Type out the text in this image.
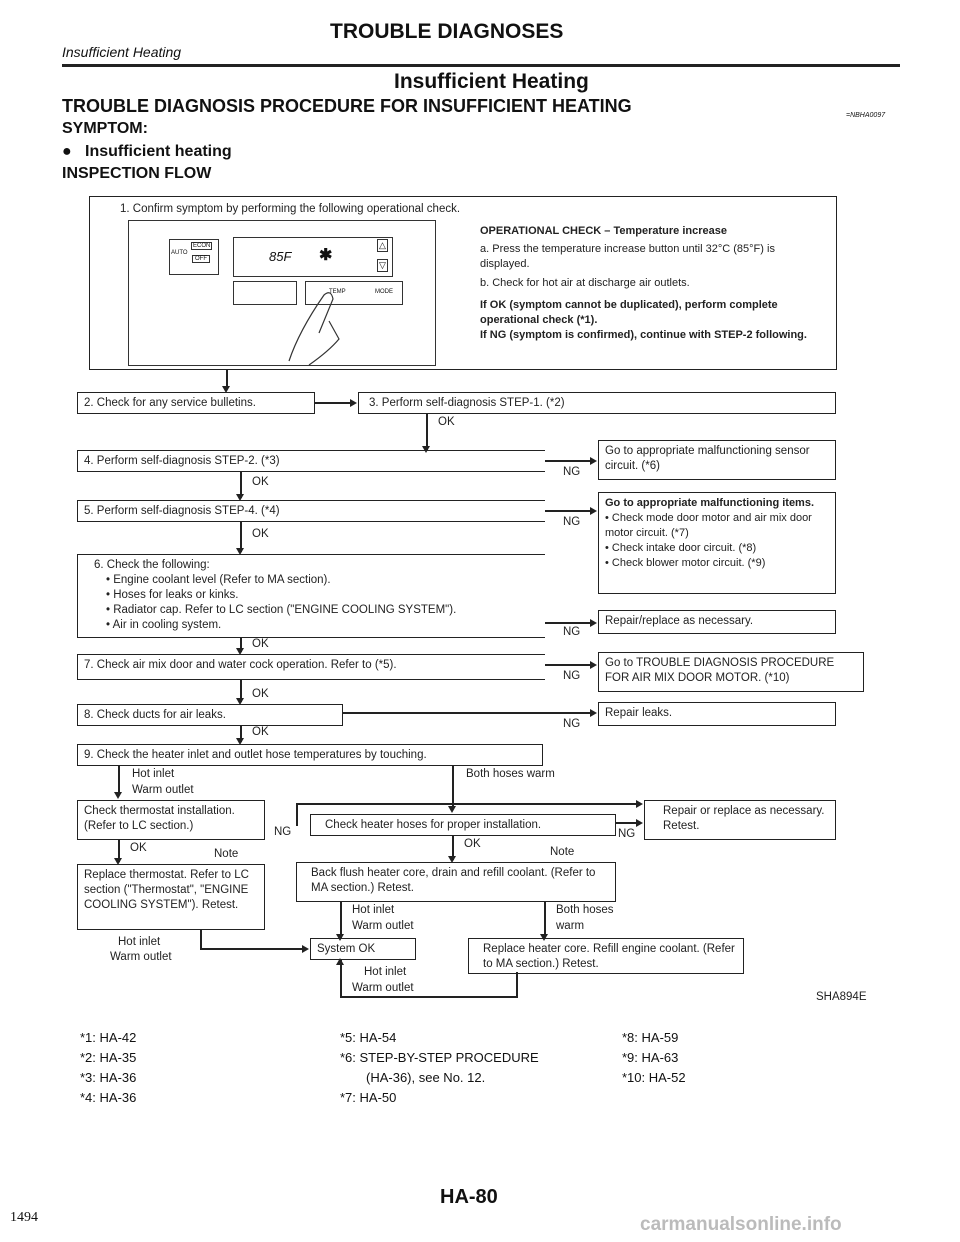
Insufficient Heating
TROUBLE DIAGNOSES
Insufficient Heating
TROUBLE DIAGNOSIS PROCEDURE FOR INSUFFICIENT HEATING	=NBHA0097
SYMPTOM:
●   Insufficient heating
INSPECTION FLOW
1. Confirm symptom by performing the following operational check.
AUTO
ECON
OFF	85F ✱
△
▽
TEMP	MODE
OPERATIONAL CHECK – Temperature increase
a. Press the temperature increase button until 32°C (85°F) is displayed.
b. Check for hot air at discharge air outlets.
If OK (symptom cannot be duplicated), perform complete operational check (*1).
If NG (symptom is confirmed), continue with STEP-2 following.
2. Check for any service bulletins.	3. Perform self-diagnosis STEP-1. (*2)
OK
4. Perform self-diagnosis STEP-2. (*3)
NG
Go to appropriate malfunctioning sensor circuit. (*6)
OK
5. Perform self-diagnosis STEP-4. (*4)
NG
Go to appropriate malfunctioning items.
• Check mode door motor and air mix door motor circuit. (*7)
• Check intake door circuit. (*8)
• Check blower motor circuit. (*9)
OK
6. Check the following:
• Engine coolant level (Refer to MA section).
• Hoses for leaks or kinks.
• Radiator cap. Refer to LC section ("ENGINE COOLING SYSTEM").
• Air in cooling system.
NG
Repair/replace as necessary.
OK
7. Check air mix door and water cock operation. Refer to (*5).
NG
Go to TROUBLE DIAGNOSIS PROCEDURE FOR AIR MIX DOOR MOTOR. (*10)
OK
8. Check ducts for air leaks.
NG
Repair leaks.
OK
9. Check the heater inlet and outlet hose temperatures by touching.
Hot inlet
Warm outlet
Both hoses warm
Check thermostat installation. (Refer to LC section.)	NG
Check heater hoses for proper installation.
NG
Repair or replace as necessary. Retest.
OK	Note
Replace thermostat. Refer to LC section ("Thermostat", "ENGINE COOLING SYSTEM"). Retest.
OK
Note
Back flush heater core, drain and refill coolant. (Refer to MA section.) Retest.
Hot inlet
Warm outlet
Both hoses
warm
Hot inlet
Warm outlet
System OK
Hot inlet
Warm outlet
Replace heater core. Refill engine coolant. (Refer to MA section.) Retest.
SHA894E
*1: HA-42
*2: HA-35
*3: HA-36
*4: HA-36
*5: HA-54
*6: STEP-BY-STEP PROCEDURE
(HA-36), see No. 12.
*7: HA-50
*8: HA-59
*9: HA-63
*10: HA-52
HA-80
1494	carmanualsonline.info
